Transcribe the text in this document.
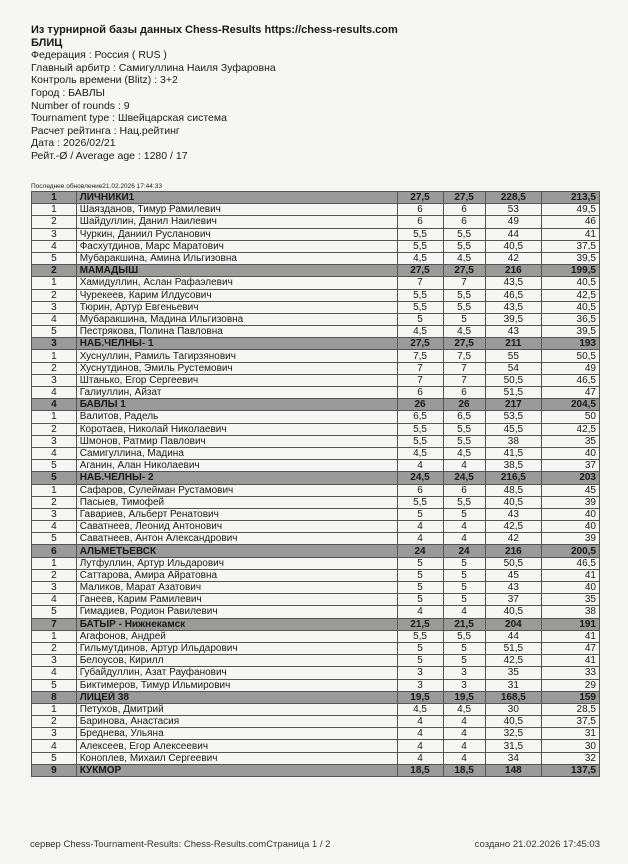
Из турнирной базы данных Chess-Results https://chess-results.com
БЛИЦ
Федерация : Россия ( RUS )
Главный арбитр : Самигуллина Наиля Зуфаровна
Контроль времени (Blitz) : 3+2
Город : БАВЛЫ
Number of rounds : 9
Tournament type : Швейцарская система
Расчет рейтинга : Нац.рейтинг
Дата : 2026/02/21
Рейт.-Ø / Average age : 1280 / 17
Последнее обновление21.02.2026 17:44:33
1	ЛИЧНИКИ1	27,5	27,5	228,5	213,5
1	Шаязданов, Тимур Рамилевич	6	6	53	49,5
2	Шайдуллин, Данил Наилевич	6	6	49	46
3	Чуркин, Даниил Русланович	5,5	5,5	44	41
4	Фасхутдинов, Марс Маратович	5,5	5,5	40,5	37,5
5	Мубаракшина, Амина Ильгизовна	4,5	4,5	42	39,5
2	МАМАДЫШ	27,5	27,5	216	199,5
1	Хамидуллин, Аслан Рафаэлевич	7	7	43,5	40,5
2	Чурекеев, Карим Илдусович	5,5	5,5	46,5	42,5
3	Тюрин, Артур Евгеньевич	5,5	5,5	43,5	40,5
4	Мубаракшина, Мадина Ильгизовна	5	5	39,5	36,5
5	Пестрякова, Полина Павловна	4,5	4,5	43	39,5
3	НАБ.ЧЕЛНЫ- 1	27,5	27,5	211	193
1	Хуснуллин, Рамиль Тагирзянович	7,5	7,5	55	50,5
2	Хуснутдинов, Эмиль Рустемович	7	7	54	49
3	Штанько, Егор Сергеевич	7	7	50,5	46,5
4	Галиуллин, Айзат	6	6	51,5	47
4	БАВЛЫ 1	26	26	217	204,5
1	Валитов, Радель	6,5	6,5	53,5	50
2	Коротаев, Николай Николаевич	5,5	5,5	45,5	42,5
3	Шмонов, Ратмир Павлович	5,5	5,5	38	35
4	Самигуллина, Мадина	4,5	4,5	41,5	40
5	Аганин, Алан Николаевич	4	4	38,5	37
5	НАБ.ЧЕЛНЫ- 2	24,5	24,5	216,5	203
1	Сафаров, Сулейман Рустамович	6	6	48,5	45
2	Пасыев, Тимофей	5,5	5,5	40,5	39
3	Гавариев, Альберт Ренатович	5	5	43	40
4	Саватнеев, Леонид Антонович	4	4	42,5	40
5	Саватнеев, Антон Александрович	4	4	42	39
6	АЛЬМЕТЬЕВСК	24	24	216	200,5
1	Лутфуллин, Артур Ильдарович	5	5	50,5	46,5
2	Саттарова, Амира Айратовна	5	5	45	41
3	Маликов, Марат Азатович	5	5	43	40
4	Ганеев, Карим Рамилевич	5	5	37	35
5	Гимадиев, Родион Равилевич	4	4	40,5	38
7	БАТЫР - Нижнекамск	21,5	21,5	204	191
1	Агафонов, Андрей	5,5	5,5	44	41
2	Гильмутдинов, Артур Ильдарович	5	5	51,5	47
3	Белоусов, Кирилл	5	5	42,5	41
4	Губайдуллин, Азат Рауфанович	3	3	35	33
5	Биктимеров, Тимур Ильмирович	3	3	31	29
8	ЛИЦЕЙ 38	19,5	19,5	168,5	159
1	Петухов, Дмитрий	4,5	4,5	30	28,5
2	Баринова, Анастасия	4	4	40,5	37,5
3	Бреднева, Ульяна	4	4	32,5	31
4	Алексеев, Егор Алексеевич	4	4	31,5	30
5	Коноплев, Михаил Сергеевич	4	4	34	32
9	КУКМОР	18,5	18,5	148	137,5
сервер Chess-Tournament-Results: Chess-Results.comСтраница 1 / 2	создано 21.02.2026 17:45:03
